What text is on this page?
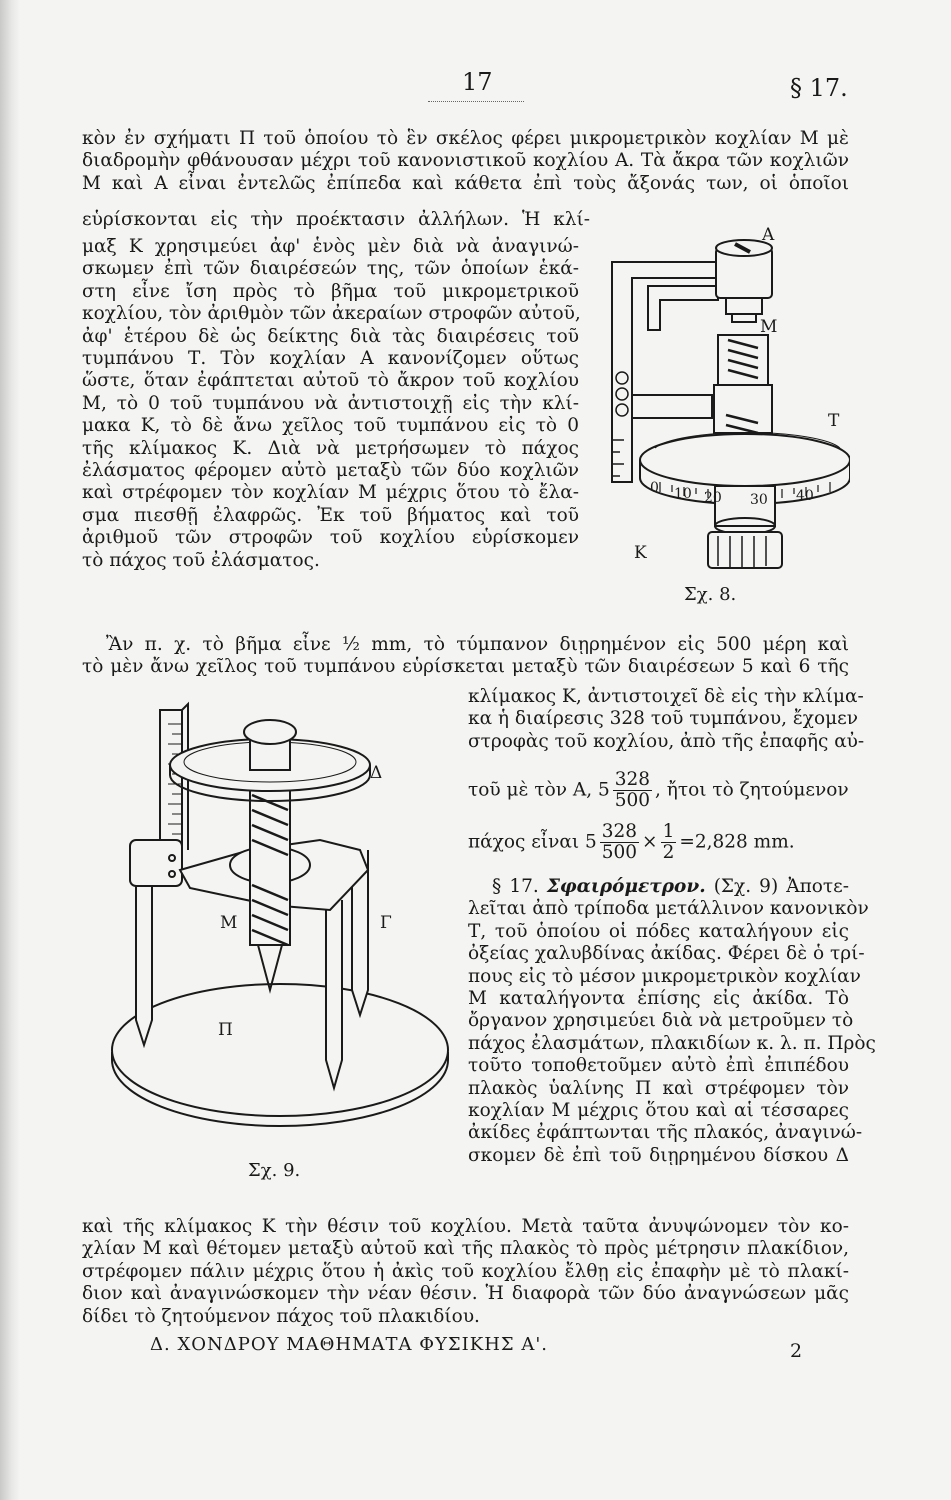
17	§ 17.
κὸν ἐν σχήματι Π τοῦ ὁποίου τὸ ἓν σκέλος φέρει μικρομετρικὸν κοχλίαν Μ μὲ
διαδρομὴν φθάνουσαν μέχρι τοῦ κανονιστικοῦ κοχλίου Α. Τὰ ἄκρα τῶν κοχλιῶν
Μ καὶ Α εἶναι ἐντελῶς ἐπίπεδα καὶ κάθετα ἐπὶ τοὺς ἄξονάς των, οἱ ὁποῖοι
εὑρίσκονται εἰς τὴν προέκτασιν ἀλλήλων. Ἡ κλί-
μαξ Κ χρησιμεύει ἀφ' ἑνὸς μὲν διὰ νὰ ἀναγινώ-
σκωμεν ἐπὶ τῶν διαιρέσεών της, τῶν ὁποίων ἑκά-
στη εἶνε ἴση πρὸς τὸ βῆμα τοῦ μικρομετρικοῦ
κοχλίου, τὸν ἀριθμὸν τῶν ἀκεραίων στροφῶν αὐτοῦ,
ἀφ' ἑτέρου δὲ ὡς δείκτης διὰ τὰς διαιρέσεις τοῦ
τυμπάνου Τ. Τὸν κοχλίαν Α κανονίζομεν οὕτως
ὥστε, ὅταν ἐφάπτεται αὐτοῦ τὸ ἄκρον τοῦ κοχλίου
Μ, τὸ 0 τοῦ τυμπάνου νὰ ἀντιστοιχῇ εἰς τὴν κλί-
μακα Κ, τὸ δὲ ἄνω χεῖλος τοῦ τυμπάνου εἰς τὸ 0
τῆς κλίμακος Κ. Διὰ νὰ μετρήσωμεν τὸ πάχος
ἐλάσματος φέρομεν αὐτὸ μεταξὺ τῶν δύο κοχλιῶν
καὶ στρέφομεν τὸν κοχλίαν Μ μέχρις ὅτου τὸ ἔλα-
σμα πιεσθῇ ἐλαφρῶς. Ἐκ τοῦ βήματος καὶ τοῦ
ἀριθμοῦ τῶν στροφῶν τοῦ κοχλίου εὑρίσκομεν
τὸ πάχος τοῦ ἐλάσματος.
0 10 20 30 40
Α
Μ
Τ
Κ
Σχ. 8.
Ἂν π. χ. τὸ βῆμα εἶνε ½ mm, τὸ τύμπανον διῃρημένον εἰς 500 μέρη καὶ
τὸ μὲν ἄνω χεῖλος τοῦ τυμπάνου εὑρίσκεται μεταξὺ τῶν διαιρέσεων 5 καὶ 6 τῆς
κλίμακος Κ, ἀντιστοιχεῖ δὲ εἰς τὴν κλίμα-
κα ἡ διαίρεσις 328 τοῦ τυμπάνου, ἔχομεν
στροφὰς τοῦ κοχλίου, ἀπὸ τῆς ἐπαφῆς αὐ-
τοῦ μὲ τὸν Α, $5 \frac{328}{500}$ , ἤτοι τὸ ζητούμενον
πάχος εἶναι $5 \frac{328}{500} \times \frac{1}{2} =2,828$ mm.
§ 17. Σφαιρόμετρον. (Σχ. 9) Ἀποτε-
λεῖται ἀπὸ τρίποδα μετάλλινον κανονικὸν
Τ, τοῦ ὁποίου οἱ πόδες καταλήγουν εἰς
ὀξείας χαλυβδίνας ἀκίδας. Φέρει δὲ ὁ τρί-
πους εἰς τὸ μέσον μικρομετρικὸν κοχλίαν
Μ καταλήγοντα ἐπίσης εἰς ἀκίδα. Τὸ
ὄργανον χρησιμεύει διὰ νὰ μετροῦμεν τὸ
πάχος ἐλασμάτων, πλακιδίων κ. λ. π. Πρὸς
τοῦτο τοποθετοῦμεν αὐτὸ ἐπὶ ἐπιπέδου
πλακὸς ὑαλίνης Π καὶ στρέφομεν τὸν
κοχλίαν Μ μέχρις ὅτου καὶ αἱ τέσσαρες
ἀκίδες ἐφάπτωνται τῆς πλακός, ἀναγινώ-
σκομεν δὲ ἐπὶ τοῦ διῃρημένου δίσκου Δ
Δ
Μ	Γ
Π
Σχ. 9.
καὶ τῆς κλίμακος Κ τὴν θέσιν τοῦ κοχλίου. Μετὰ ταῦτα ἀνυψώνομεν τὸν κο-
χλίαν Μ καὶ θέτομεν μεταξὺ αὐτοῦ καὶ τῆς πλακὸς τὸ πρὸς μέτρησιν πλακίδιον,
στρέφομεν πάλιν μέχρις ὅτου ἡ ἀκὶς τοῦ κοχλίου ἔλθῃ εἰς ἐπαφὴν μὲ τὸ πλακί-
διον καὶ ἀναγινώσκομεν τὴν νέαν θέσιν. Ἡ διαφορὰ τῶν δύο ἀναγνώσεων μᾶς
δίδει τὸ ζητούμενον πάχος τοῦ πλακιδίου.
Δ. ΧΟΝΔΡΟΥ ΜΑΘΗΜΑΤΑ ΦΥΣΙΚΗΣ Α'.	2
